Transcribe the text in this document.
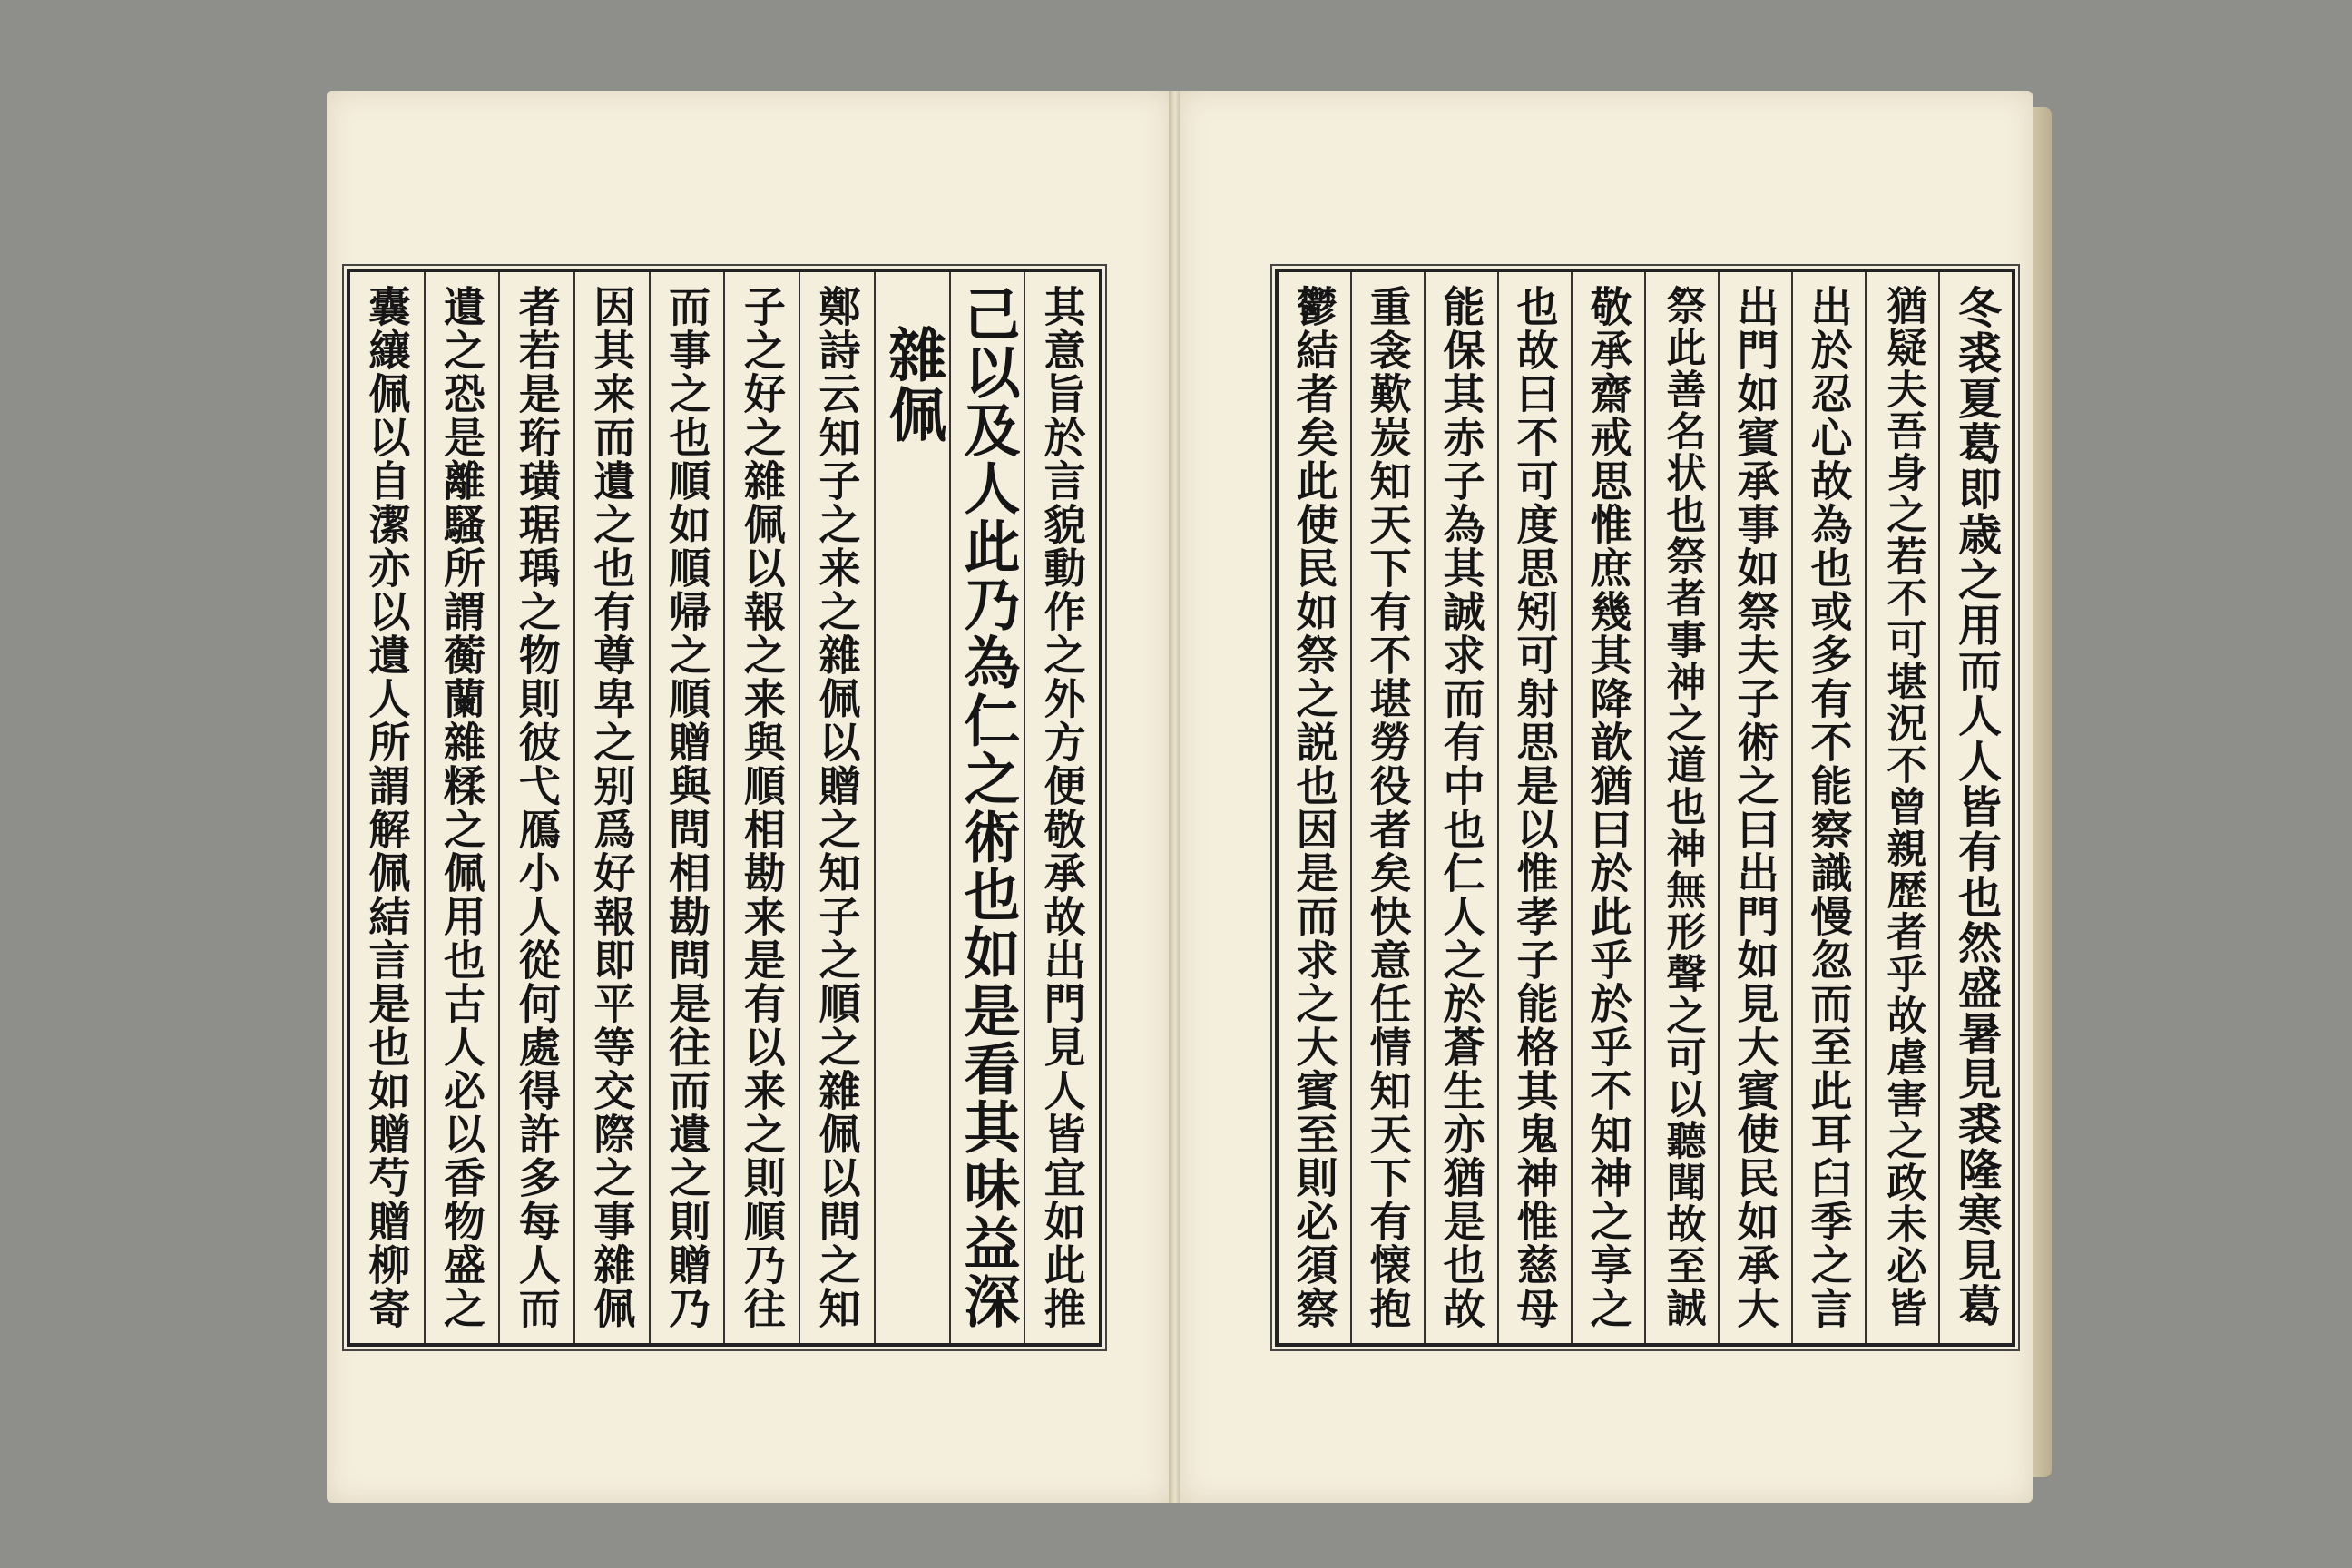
其意旨於言貌動作之外方便敬承故出門見人皆宜如此推
己以及人此乃為仁之術也如是看其味益深
雜佩
鄭詩云知子之来之雜佩以贈之知子之順之雜佩以問之知
子之好之雜佩以報之来與順相勘来是有以来之則順乃往
而事之也順如順帰之順贈與問相勘問是往而遺之則贈乃
因其来而遺之也有尊卑之别爲好報即平等交際之事雜佩
者若是珩璜琚瑀之物則彼弋鴈小人從何處得許多每人而
遺之恐是離騷所謂蘅蘭雜糅之佩用也古人必以香物盛之
囊纕佩以自潔亦以遺人所謂解佩結言是也如贈芍贈柳寄	冬裘夏葛即歳之用而人人皆有也然盛暑見裘隆寒見葛
猶疑夫吾身之若不可堪況不曾親歴者乎故虐害之政未必皆
出於忍心故為也或多有不能察識慢忽而至此耳臼季之言
出門如賓承事如祭夫子術之曰出門如見大賓使民如承大
祭此善名状也祭者事神之道也神無形聲之可以聽聞故至誠
敬承齋戒思惟庶幾其降歆猶曰於此乎於乎不知神之享之
也故曰不可度思矧可射思是以惟孝子能格其鬼神惟慈母
能保其赤子為其誠求而有中也仁人之於蒼生亦猶是也故
重衾歎炭知天下有不堪勞役者矣快意任情知天下有懐抱
鬱結者矣此使民如祭之説也因是而求之大賓至則必須察
